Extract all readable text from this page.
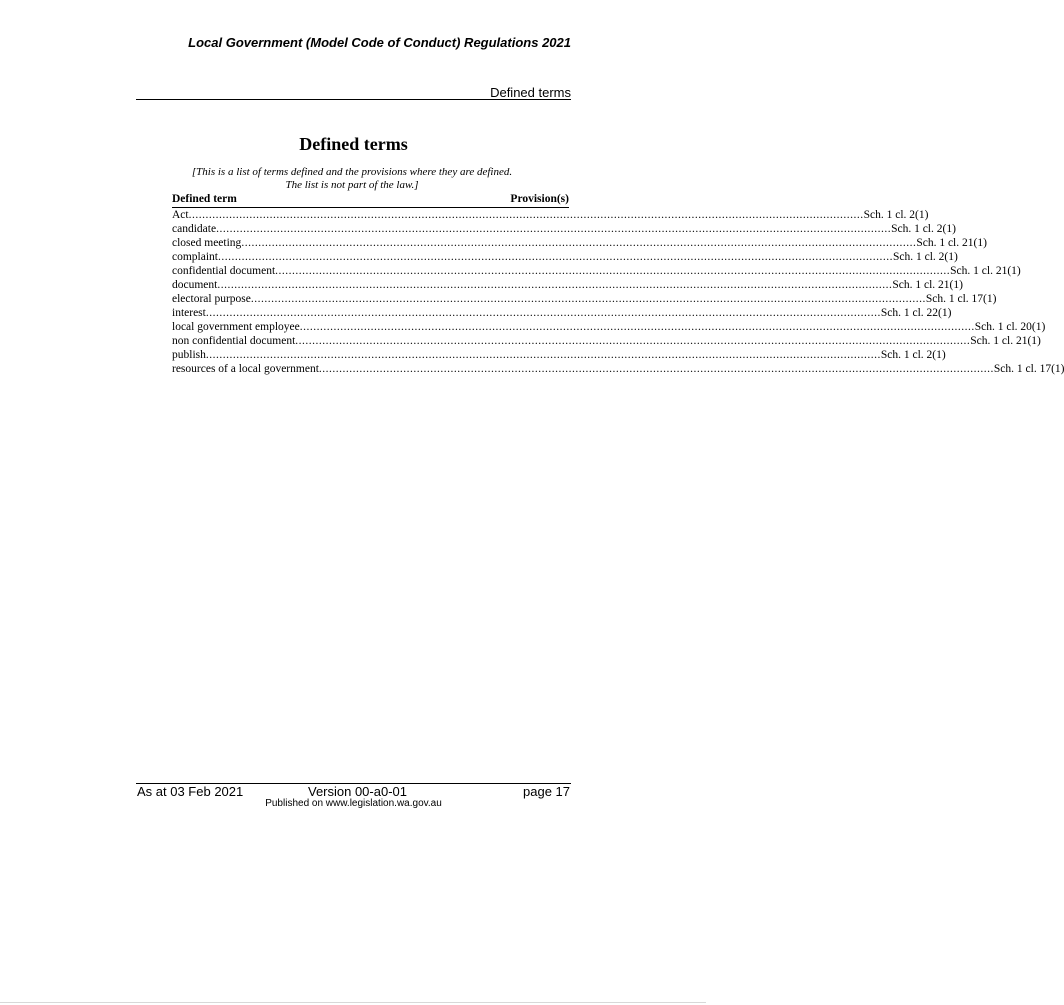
Local Government (Model Code of Conduct) Regulations 2021
Defined terms
Defined terms
[This is a list of terms defined and the provisions where they are defined.
The list is not part of the law.]
Defined term	Provision(s)
Act ........................................................................................................................................................................................................ Sch. 1 cl. 2(1)
candidate ........................................................................................................................................................................................................ Sch. 1 cl. 2(1)
closed meeting ........................................................................................................................................................................................................ Sch. 1 cl. 21(1)
complaint ........................................................................................................................................................................................................ Sch. 1 cl. 2(1)
confidential document ........................................................................................................................................................................................................ Sch. 1 cl. 21(1)
document ........................................................................................................................................................................................................ Sch. 1 cl. 21(1)
electoral purpose ........................................................................................................................................................................................................ Sch. 1 cl. 17(1)
interest ........................................................................................................................................................................................................ Sch. 1 cl. 22(1)
local government employee ........................................................................................................................................................................................................ Sch. 1 cl. 20(1)
non confidential document ........................................................................................................................................................................................................ Sch. 1 cl. 21(1)
publish ........................................................................................................................................................................................................ Sch. 1 cl. 2(1)
resources of a local government ........................................................................................................................................................................................................ Sch. 1 cl. 17(1)
As at 03 Feb 2021	Version 00-a0-01	page 17
Published on www.legislation.wa.gov.au
